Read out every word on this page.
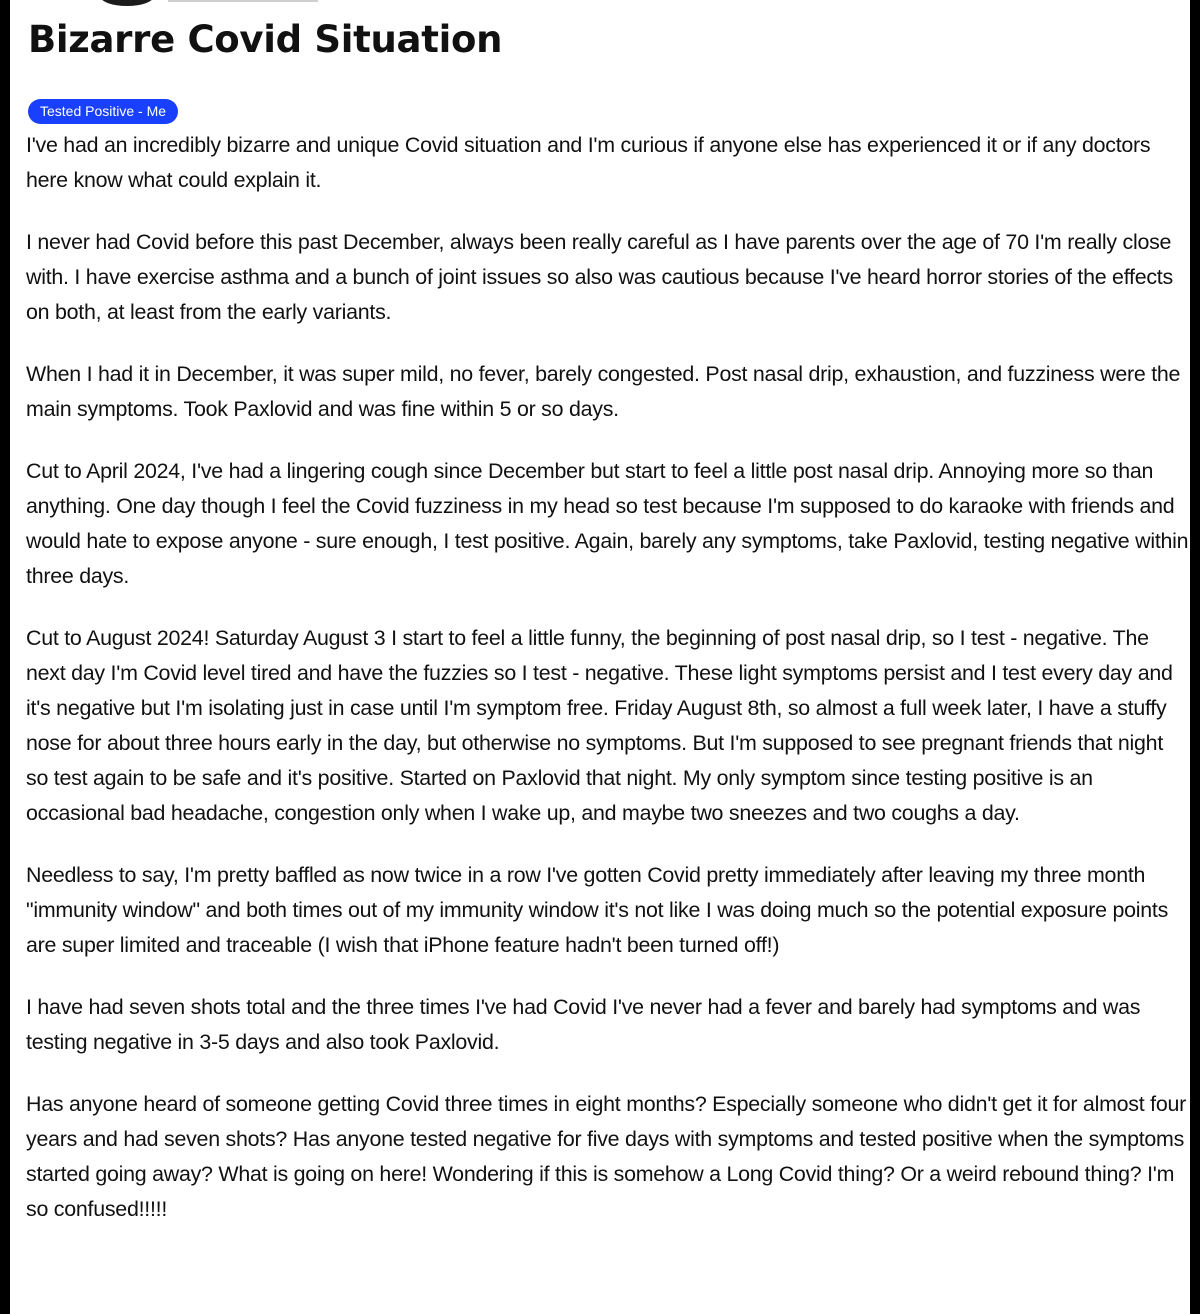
Bizarre Covid Situation
Tested Positive - Me

I've had an incredibly bizarre and unique Covid situation and I'm curious if anyone else has experienced it or if any doctors here know what could explain it.

I never had Covid before this past December, always been really careful as I have parents over the age of 70 I'm really close with. I have exercise asthma and a bunch of joint issues so also was cautious because I've heard horror stories of the effects on both, at least from the early variants.

When I had it in December, it was super mild, no fever, barely congested. Post nasal drip, exhaustion, and fuzziness were the main symptoms. Took Paxlovid and was fine within 5 or so days.

Cut to April 2024, I've had a lingering cough since December but start to feel a little post nasal drip. Annoying more so than anything. One day though I feel the Covid fuzziness in my head so test because I'm supposed to do karaoke with friends and would hate to expose anyone - sure enough, I test positive. Again, barely any symptoms, take Paxlovid, testing negative within three days.

Cut to August 2024! Saturday August 3 I start to feel a little funny, the beginning of post nasal drip, so I test - negative. The next day I'm Covid level tired and have the fuzzies so I test - negative. These light symptoms persist and I test every day and it's negative but I'm isolating just in case until I'm symptom free. Friday August 8th, so almost a full week later, I have a stuffy nose for about three hours early in the day, but otherwise no symptoms. But I'm supposed to see pregnant friends that night so test again to be safe and it's positive. Started on Paxlovid that night. My only symptom since testing positive is an occasional bad headache, congestion only when I wake up, and maybe two sneezes and two coughs a day.

Needless to say, I'm pretty baffled as now twice in a row I've gotten Covid pretty immediately after leaving my three month "immunity window" and both times out of my immunity window it's not like I was doing much so the potential exposure points are super limited and traceable (I wish that iPhone feature hadn't been turned off!)

I have had seven shots total and the three times I've had Covid I've never had a fever and barely had symptoms and was testing negative in 3-5 days and also took Paxlovid.

Has anyone heard of someone getting Covid three times in eight months? Especially someone who didn't get it for almost four years and had seven shots? Has anyone tested negative for five days with symptoms and tested positive when the symptoms started going away? What is going on here! Wondering if this is somehow a Long Covid thing? Or a weird rebound thing? I'm so confused!!!!!
